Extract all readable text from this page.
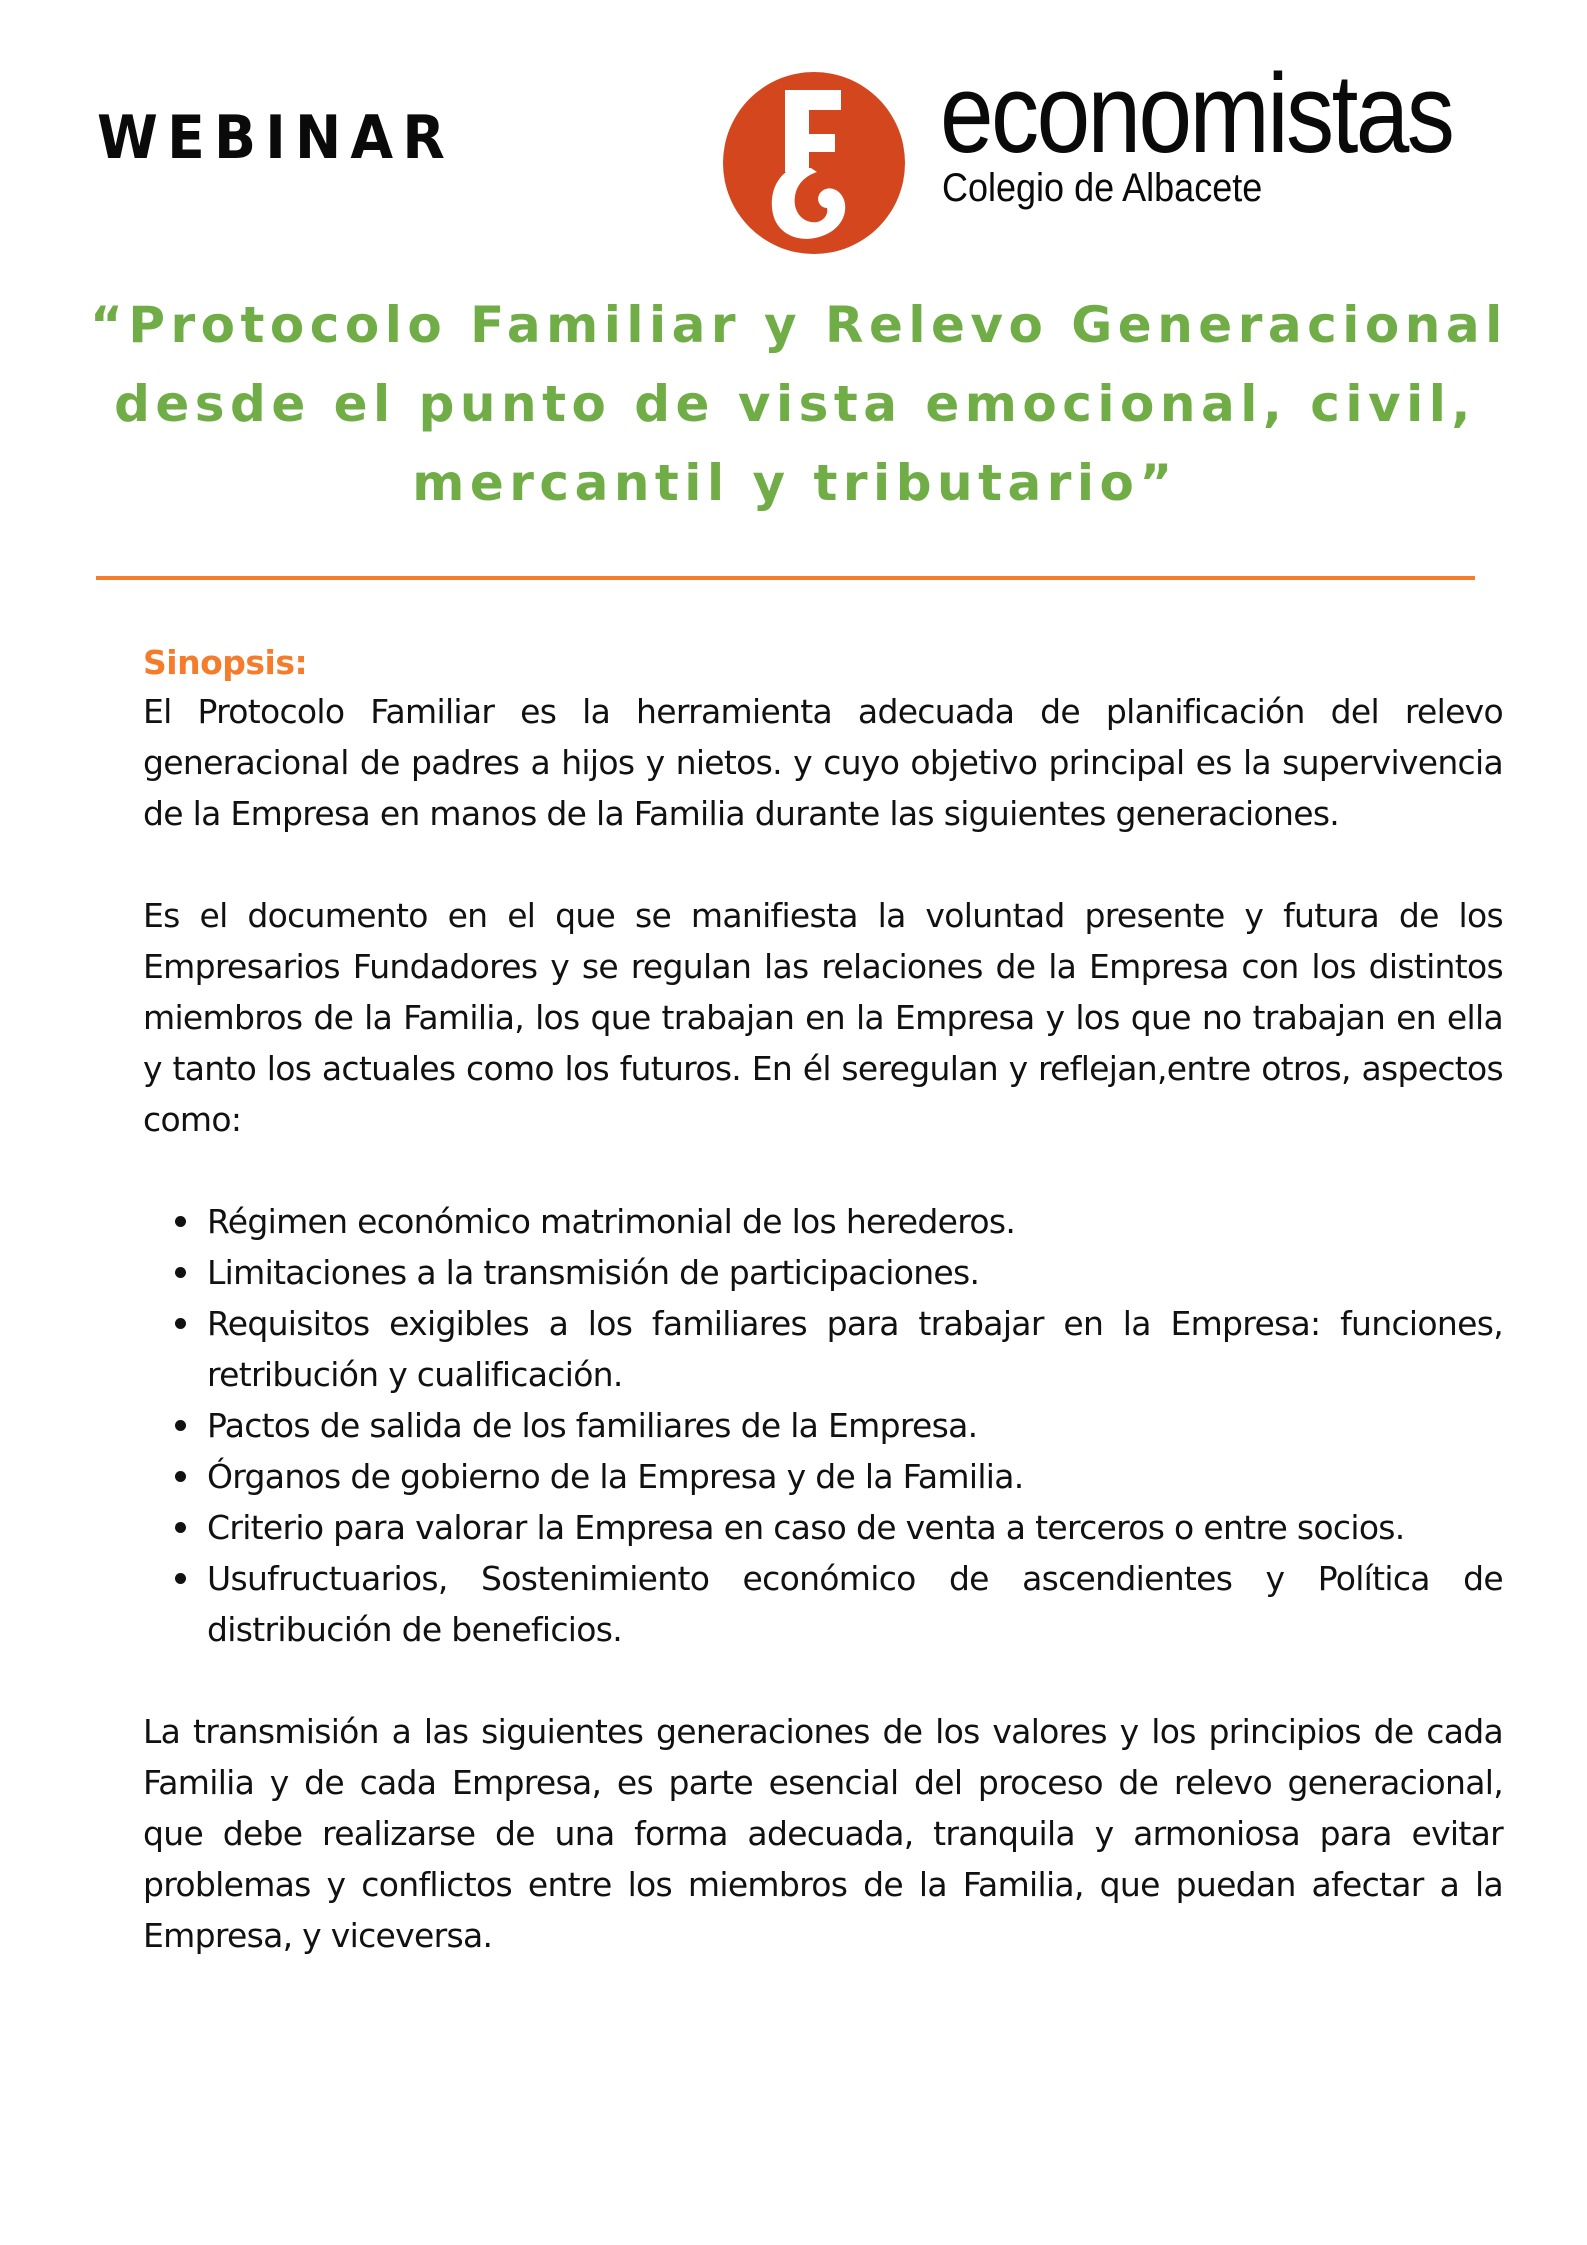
WEBINAR	economistas
Colegio de Albacete
“Protocolo Familiar y Relevo Generacional
desde el punto de vista emocional, civil,
mercantil y tributario”
Sinopsis:

El Protocolo Familiar es la herramienta adecuada de planificación del relevo generacional de padres a hijos y nietos. y cuyo objetivo principal es la supervivencia de la Empresa en manos de la Familia durante las siguientes generaciones.

Es el documento en el que se manifiesta la voluntad presente y futura de los Empresarios Fundadores y se regulan las relaciones de la Empresa con los distintos miembros de la Familia, los que trabajan en la Empresa y los que no trabajan en ella y tanto los actuales como los futuros. En él seregulan y reflejan,entre otros, aspectos como:

Régimen económico matrimonial de los herederos.
Limitaciones a la transmisión de participaciones.
Requisitos exigibles a los familiares para trabajar en la Empresa: funciones, retribución y cualificación.
Pactos de salida de los familiares de la Empresa.
Órganos de gobierno de la Empresa y de la Familia.
Criterio para valorar la Empresa en caso de venta a terceros o entre socios.
Usufructuarios, Sostenimiento económico de ascendientes y Política de distribución de beneficios.

La transmisión a las siguientes generaciones de los valores y los principios de cada Familia y de cada Empresa, es parte esencial del proceso de relevo generacional, que debe realizarse de una forma adecuada, tranquila y armoniosa para evitar problemas y conflictos entre los miembros de la Familia, que puedan afectar a la Empresa, y viceversa.
